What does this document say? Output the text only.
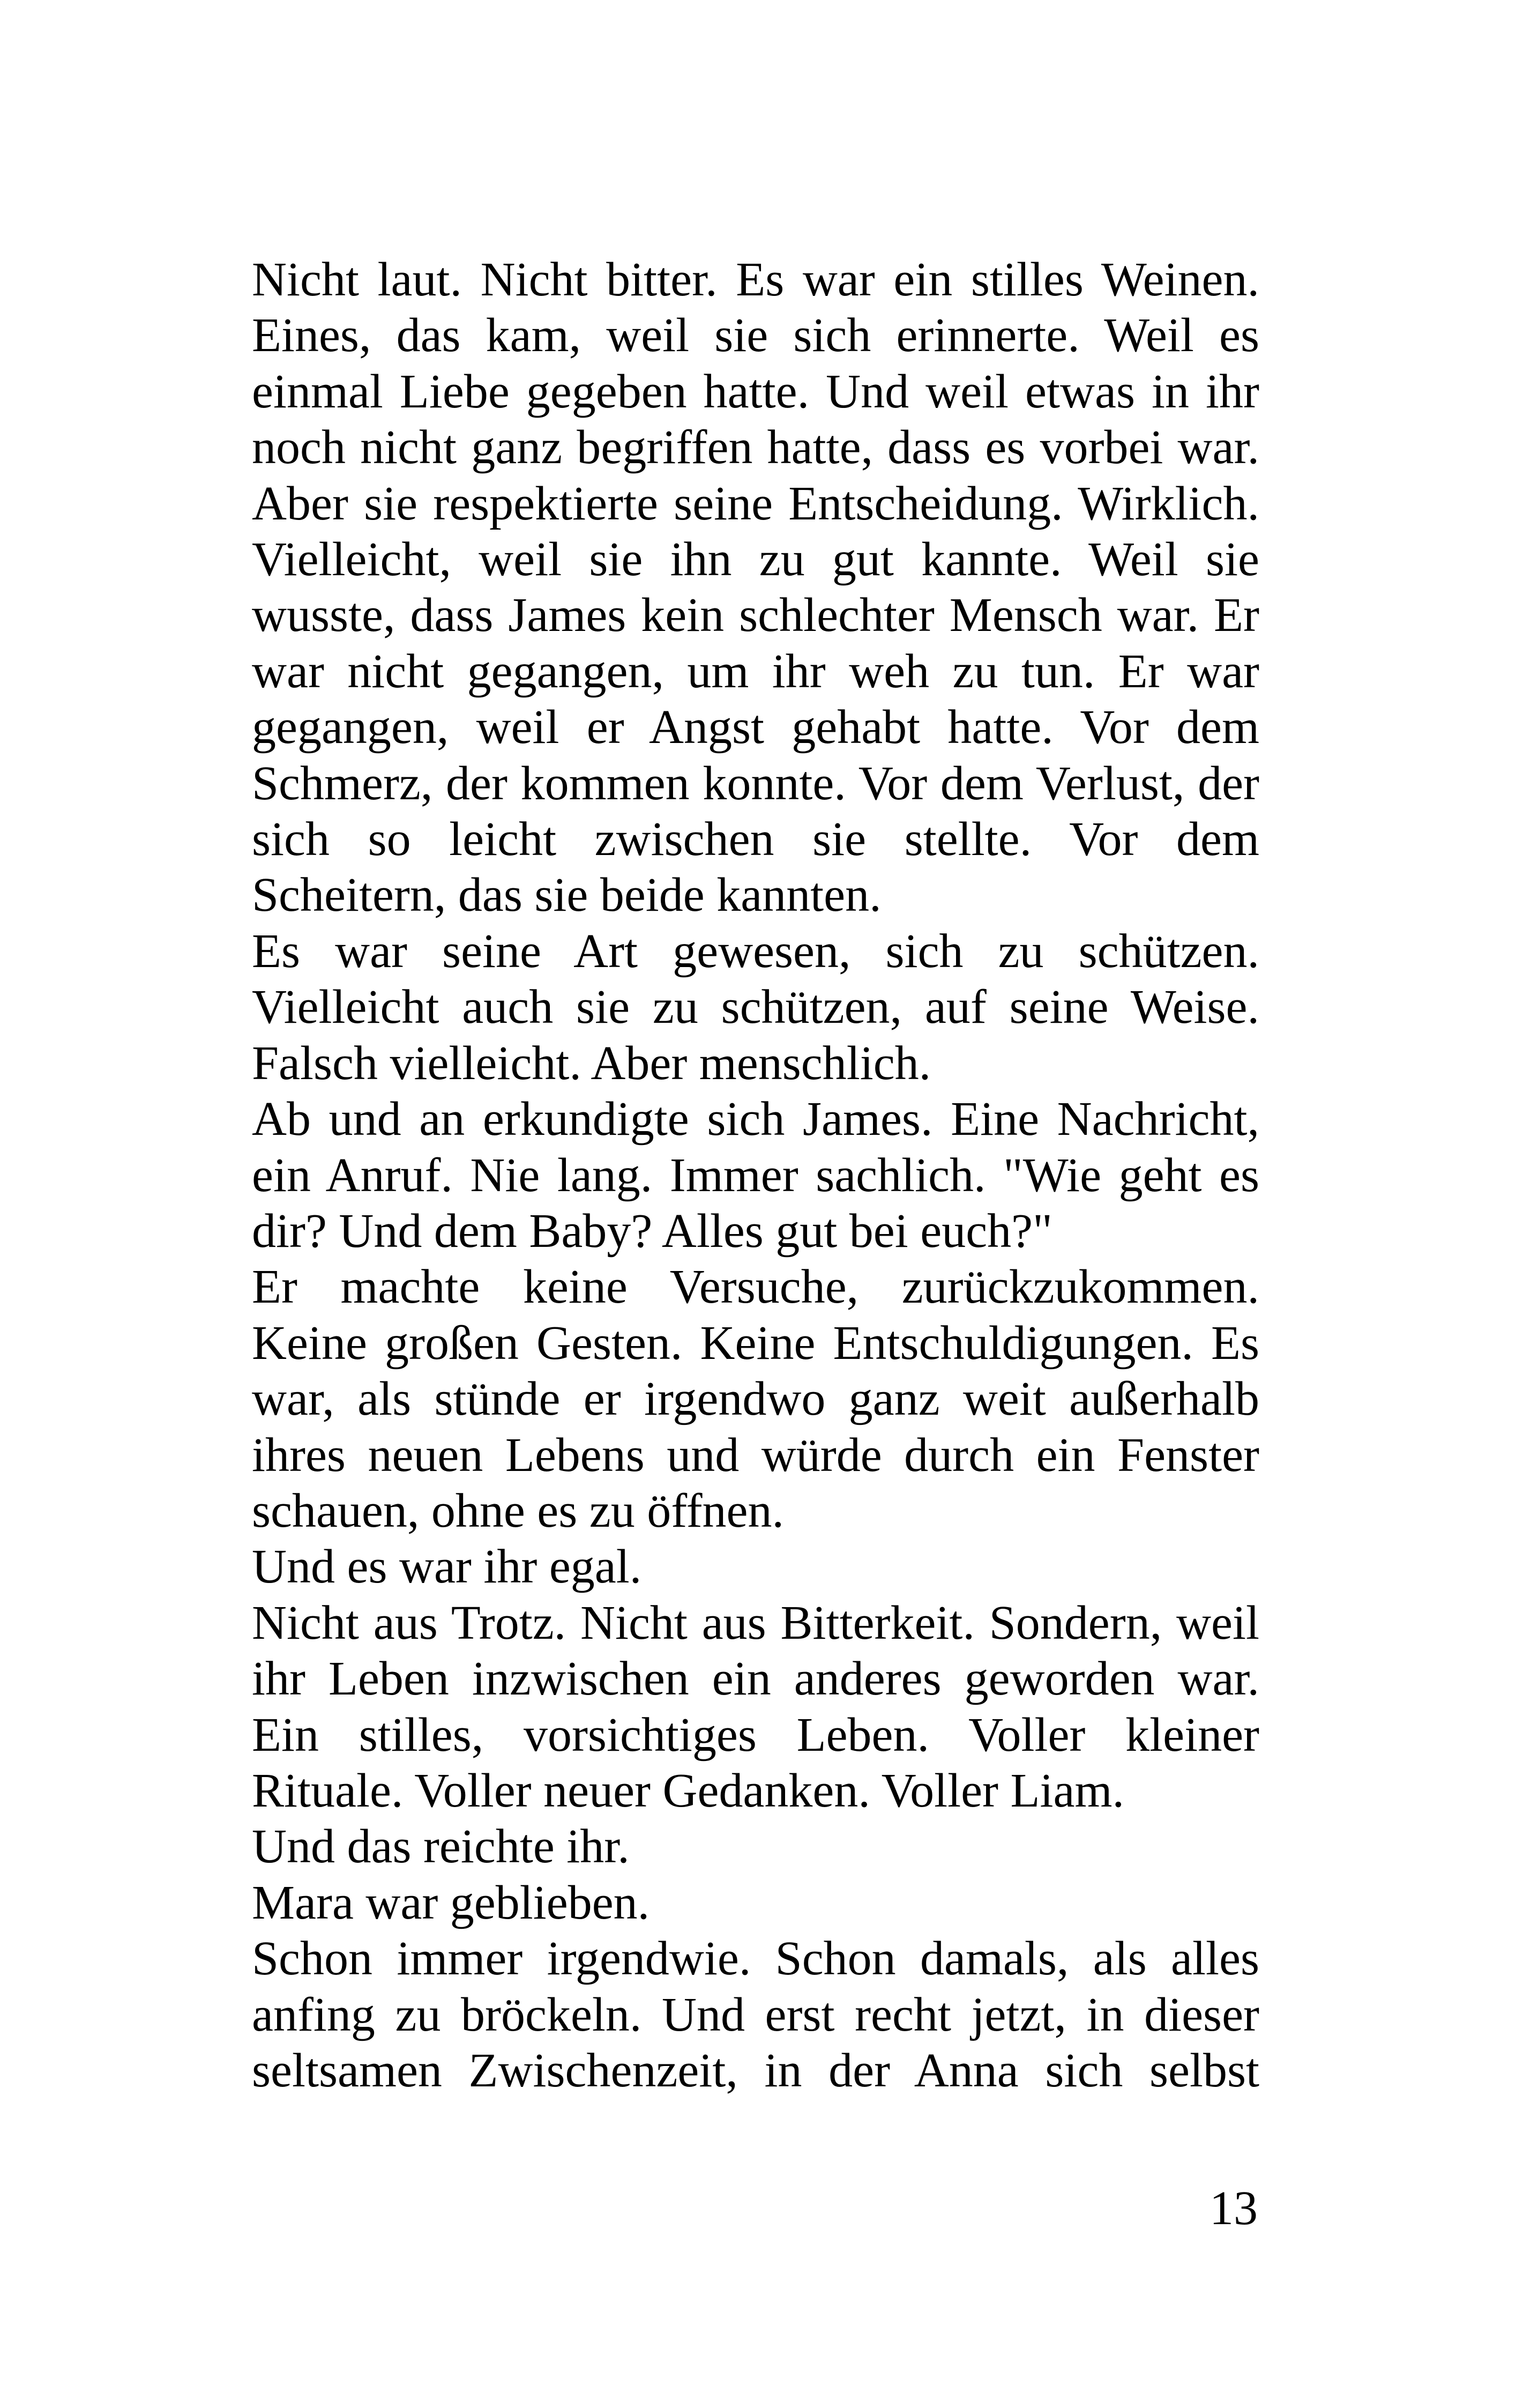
Nicht laut. Nicht bitter. Es war ein stilles Weinen. Eines, das kam, weil sie sich erinnerte. Weil es einmal Liebe gegeben hatte. Und weil etwas in ihr noch nicht ganz begriffen hatte, dass es vorbei war. Aber sie respektierte seine Entscheidung. Wirklich. Vielleicht, weil sie ihn zu gut kannte. Weil sie wusste, dass James kein schlechter Mensch war. Er war nicht gegangen, um ihr weh zu tun. Er war gegangen, weil er Angst gehabt hatte. Vor dem Schmerz, der kommen konnte. Vor dem Verlust, der sich so leicht zwischen sie stellte. Vor dem Scheitern, das sie beide kannten.

Es war seine Art gewesen, sich zu schützen. Vielleicht auch sie zu schützen, auf seine Weise. Falsch vielleicht. Aber menschlich.

Ab und an erkundigte sich James. Eine Nachricht, ein Anruf. Nie lang. Immer sachlich. "Wie geht es dir? Und dem Baby? Alles gut bei euch?"

Er machte keine Versuche, zurückzukommen. Keine großen Gesten. Keine Entschuldigungen. Es war, als stünde er irgendwo ganz weit außerhalb ihres neuen Lebens und würde durch ein Fenster schauen, ohne es zu öffnen.

Und es war ihr egal.

Nicht aus Trotz. Nicht aus Bitterkeit. Sondern, weil ihr Leben inzwischen ein anderes geworden war. Ein stilles, vorsichtiges Leben. Voller kleiner Rituale. Voller neuer Gedanken. Voller Liam.

Und das reichte ihr.

Mara war geblieben.

Schon immer irgendwie. Schon damals, als alles anfing zu bröckeln. Und erst recht jetzt, in dieser seltsamen Zwischenzeit, in der Anna sich selbst

13
